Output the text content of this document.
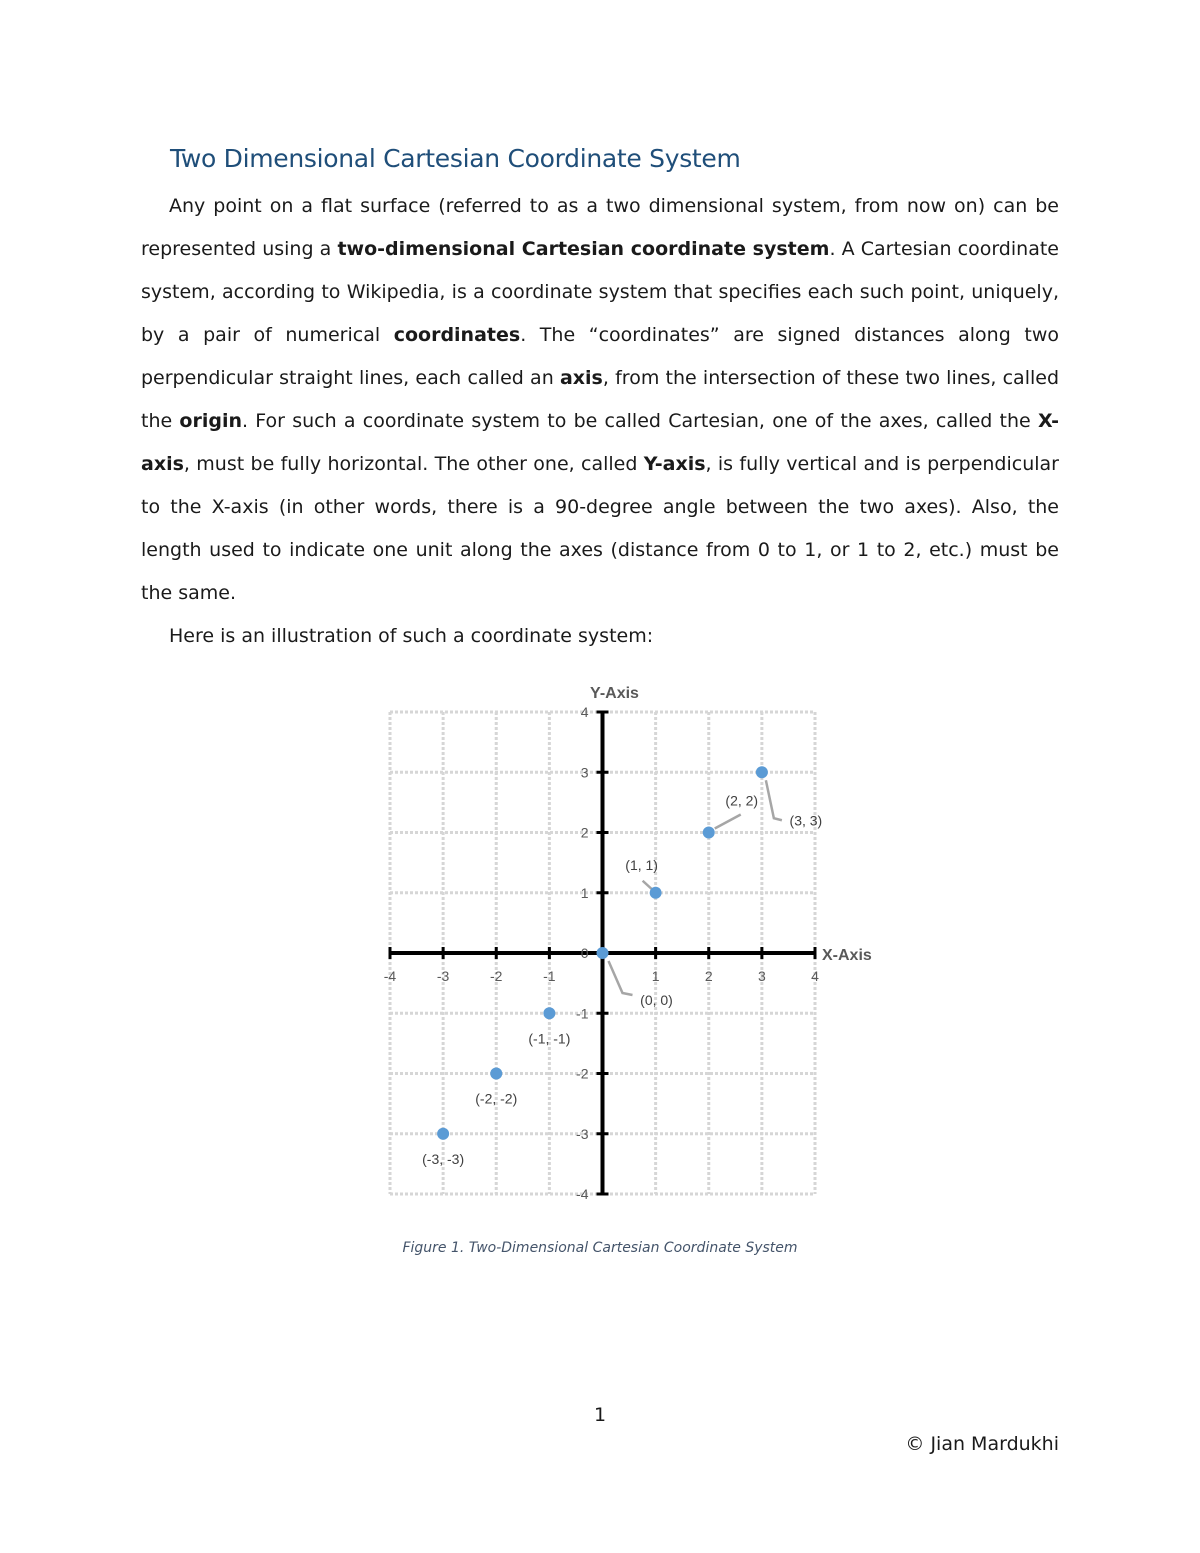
Two Dimensional Cartesian Coordinate System

Any point on a flat surface (referred to as a two dimensional system, from now on) can be represented using a two-dimensional Cartesian coordinate system. A Cartesian coordinate system, according to Wikipedia, is a coordinate system that specifies each such point, uniquely, by a pair of numerical coordinates. The “coordinates” are signed distances along two perpendicular straight lines, each called an axis, from the intersection of these two lines, called the origin. For such a coordinate system to be called Cartesian, one of the axes, called the X-axis, must be fully horizontal. The other one, called Y-axis, is fully vertical and is perpendicular to the X-axis (in other words, there is a 90-degree angle between the two axes). Also, the length used to indicate one unit along the axes (distance from 0 to 1, or 1 to 2, etc.) must be the same.

Here is an illustration of such a coordinate system:

-4	-3	-2	-1	1	2	3	4
-4
-3
-2
-1
0
1
2
3
4
Y-Axis
X-Axis
(-3, -3)
(-2, -2)
(-1, -1)
(0, 0)
(1, 1)
(2, 2)
(3, 3)
Figure 1. Two-Dimensional Cartesian Coordinate System
1
© Jian Mardukhi
